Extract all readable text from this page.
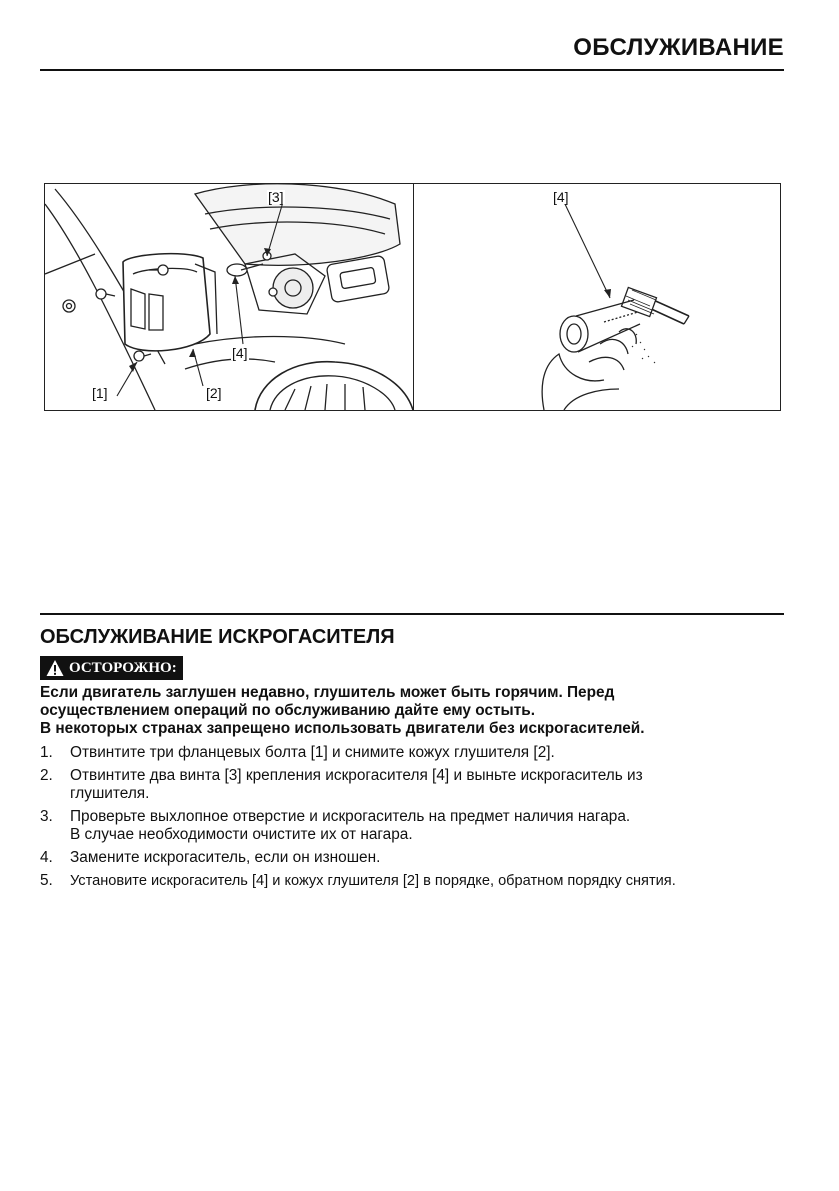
ОБСЛУЖИВАНИЕ
[3]
[4]
[1]	[2]
[4]
ОБСЛУЖИВАНИЕ ИСКРОГАСИТЕЛЯ
ОСТОРОЖНО:

Если двигатель заглушен недавно, глушитель может быть горячим. Перед

осуществлением операций по обслуживанию дайте ему остыть.

В некоторых странах запрещено использовать двигатели без искрогасителей.

1. Отвинтите три фланцевых болта [1] и снимите кожух глушителя [2].
2. Отвинтите два винта [3] крепления искрогасителя [4] и выньте искрогаситель из
глушителя.
3. Проверьте выхлопное отверстие и искрогаситель на предмет наличия нагара.
В случае необходимости очистите их от нагара.
4. Замените искрогаситель, если он изношен.
5. Установите искрогаситель [4] и кожух глушителя [2] в порядке, обратном порядку снятия.
